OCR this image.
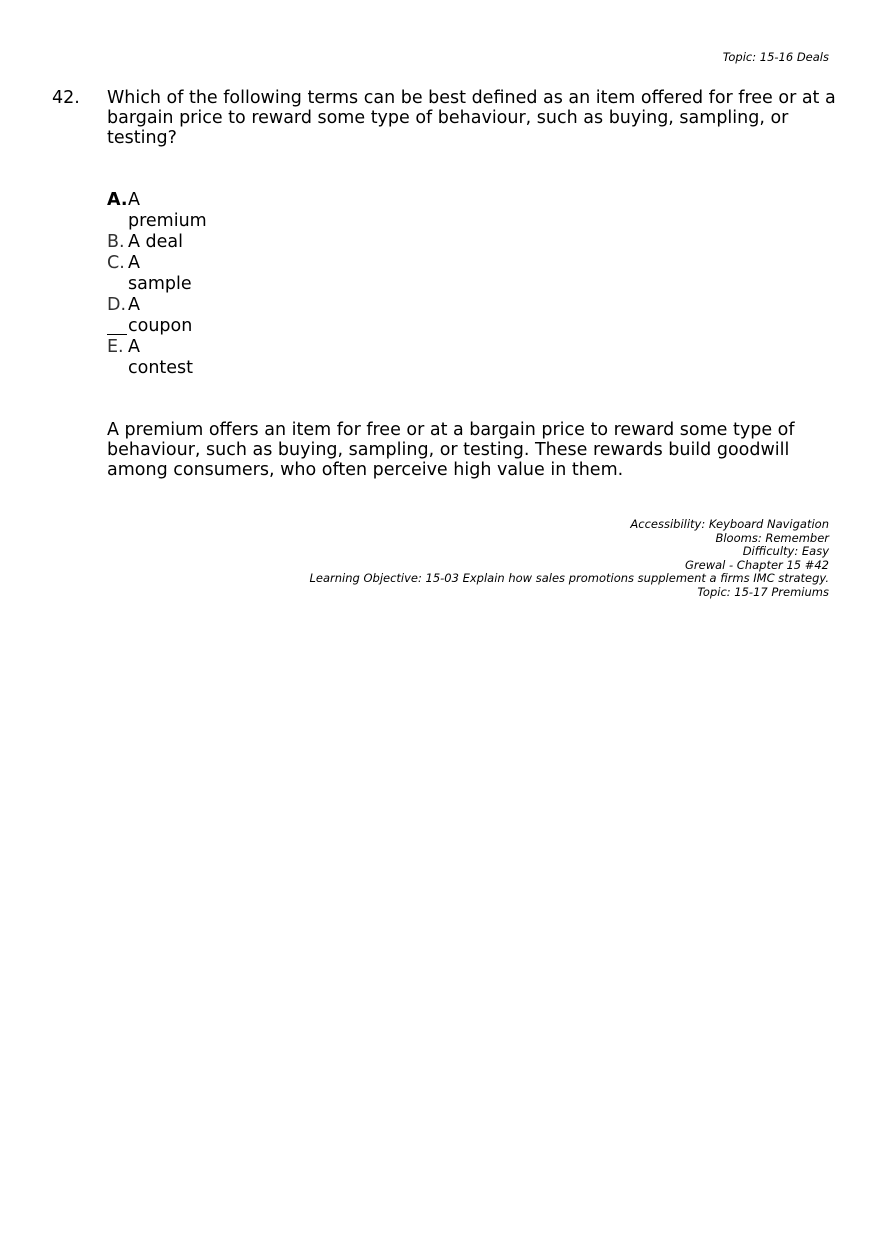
Topic: 15-16 Deals
42. Which of the following terms can be best defined as an item offered for free or at a bargain price to reward some type of behaviour, such as buying, sampling, or testing?
A. A premium
B. A deal
C. A sample
D. A coupon
E. A contest
A premium offers an item for free or at a bargain price to reward some type of behaviour, such as buying, sampling, or testing. These rewards build goodwill among consumers, who often perceive high value in them.
Accessibility: Keyboard Navigation
Blooms: Remember
Difficulty: Easy
Grewal - Chapter 15 #42
Learning Objective: 15-03 Explain how sales promotions supplement a firms IMC strategy.
Topic: 15-17 Premiums
